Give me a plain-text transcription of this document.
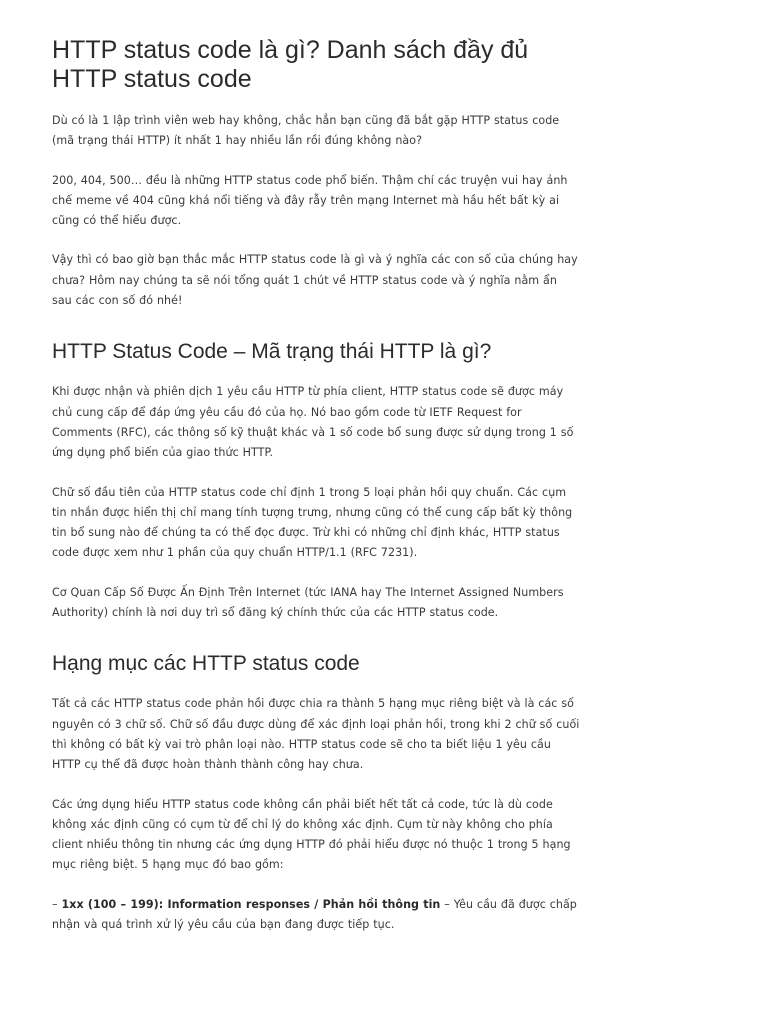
HTTP status code là gì? Danh sách đầy đủ HTTP status code

Dù có là 1 lập trình viên web hay không, chắc hẳn bạn cũng đã bắt gặp HTTP status code (mã trạng thái HTTP) ít nhất 1 hay nhiều lần rồi đúng không nào?

200, 404, 500… đều là những HTTP status code phổ biến. Thậm chí các truyện vui hay ảnh chế meme về 404 cũng khá nổi tiếng và đây rẫy trên mạng Internet mà hầu hết bất kỳ ai cũng có thể hiểu được.

Vậy thì có bao giờ bạn thắc mắc HTTP status code là gì và ý nghĩa các con số của chúng hay chưa? Hôm nay chúng ta sẽ nói tổng quát 1 chút về HTTP status code và ý nghĩa nằm ẩn sau các con số đó nhé!

HTTP Status Code – Mã trạng thái HTTP là gì?

Khi được nhận và phiên dịch 1 yêu cầu HTTP từ phía client, HTTP status code sẽ được máy chủ cung cấp để đáp ứng yêu cầu đó của họ. Nó bao gồm code từ IETF Request for Comments (RFC), các thông số kỹ thuật khác và 1 số code bổ sung được sử dụng trong 1 số ứng dụng phổ biến của giao thức HTTP.

Chữ số đầu tiên của HTTP status code chỉ định 1 trong 5 loại phản hồi quy chuẩn. Các cụm tin nhắn được hiển thị chỉ mang tính tượng trưng, nhưng cũng có thể cung cấp bất kỳ thông tin bổ sung nào để chúng ta có thể đọc được. Trừ khi có những chỉ định khác, HTTP status code được xem như 1 phần của quy chuẩn HTTP/1.1 (RFC 7231).

Cơ Quan Cấp Số Được Ấn Định Trên Internet (tức IANA hay The Internet Assigned Numbers Authority) chính là nơi duy trì sổ đăng ký chính thức của các HTTP status code.

Hạng mục các HTTP status code

Tất cả các HTTP status code phản hồi được chia ra thành 5 hạng mục riêng biệt và là các số nguyên có 3 chữ số. Chữ số đầu được dùng để xác định loại phản hồi, trong khi 2 chữ số cuối thì không có bất kỳ vai trò phân loại nào. HTTP status code sẽ cho ta biết liệu 1 yêu cầu HTTP cụ thể đã được hoàn thành thành công hay chưa.

Các ứng dụng hiểu HTTP status code không cần phải biết hết tất cả code, tức là dù code không xác định cũng có cụm từ để chỉ lý do không xác định. Cụm từ này không cho phía client nhiều thông tin nhưng các ứng dụng HTTP đó phải hiểu được nó thuộc 1 trong 5 hạng mục riêng biệt. 5 hạng mục đó bao gồm:

– 1xx (100 – 199): Information responses / Phản hồi thông tin – Yêu cầu đã được chấp nhận và quá trình xử lý yêu cầu của bạn đang được tiếp tục.
